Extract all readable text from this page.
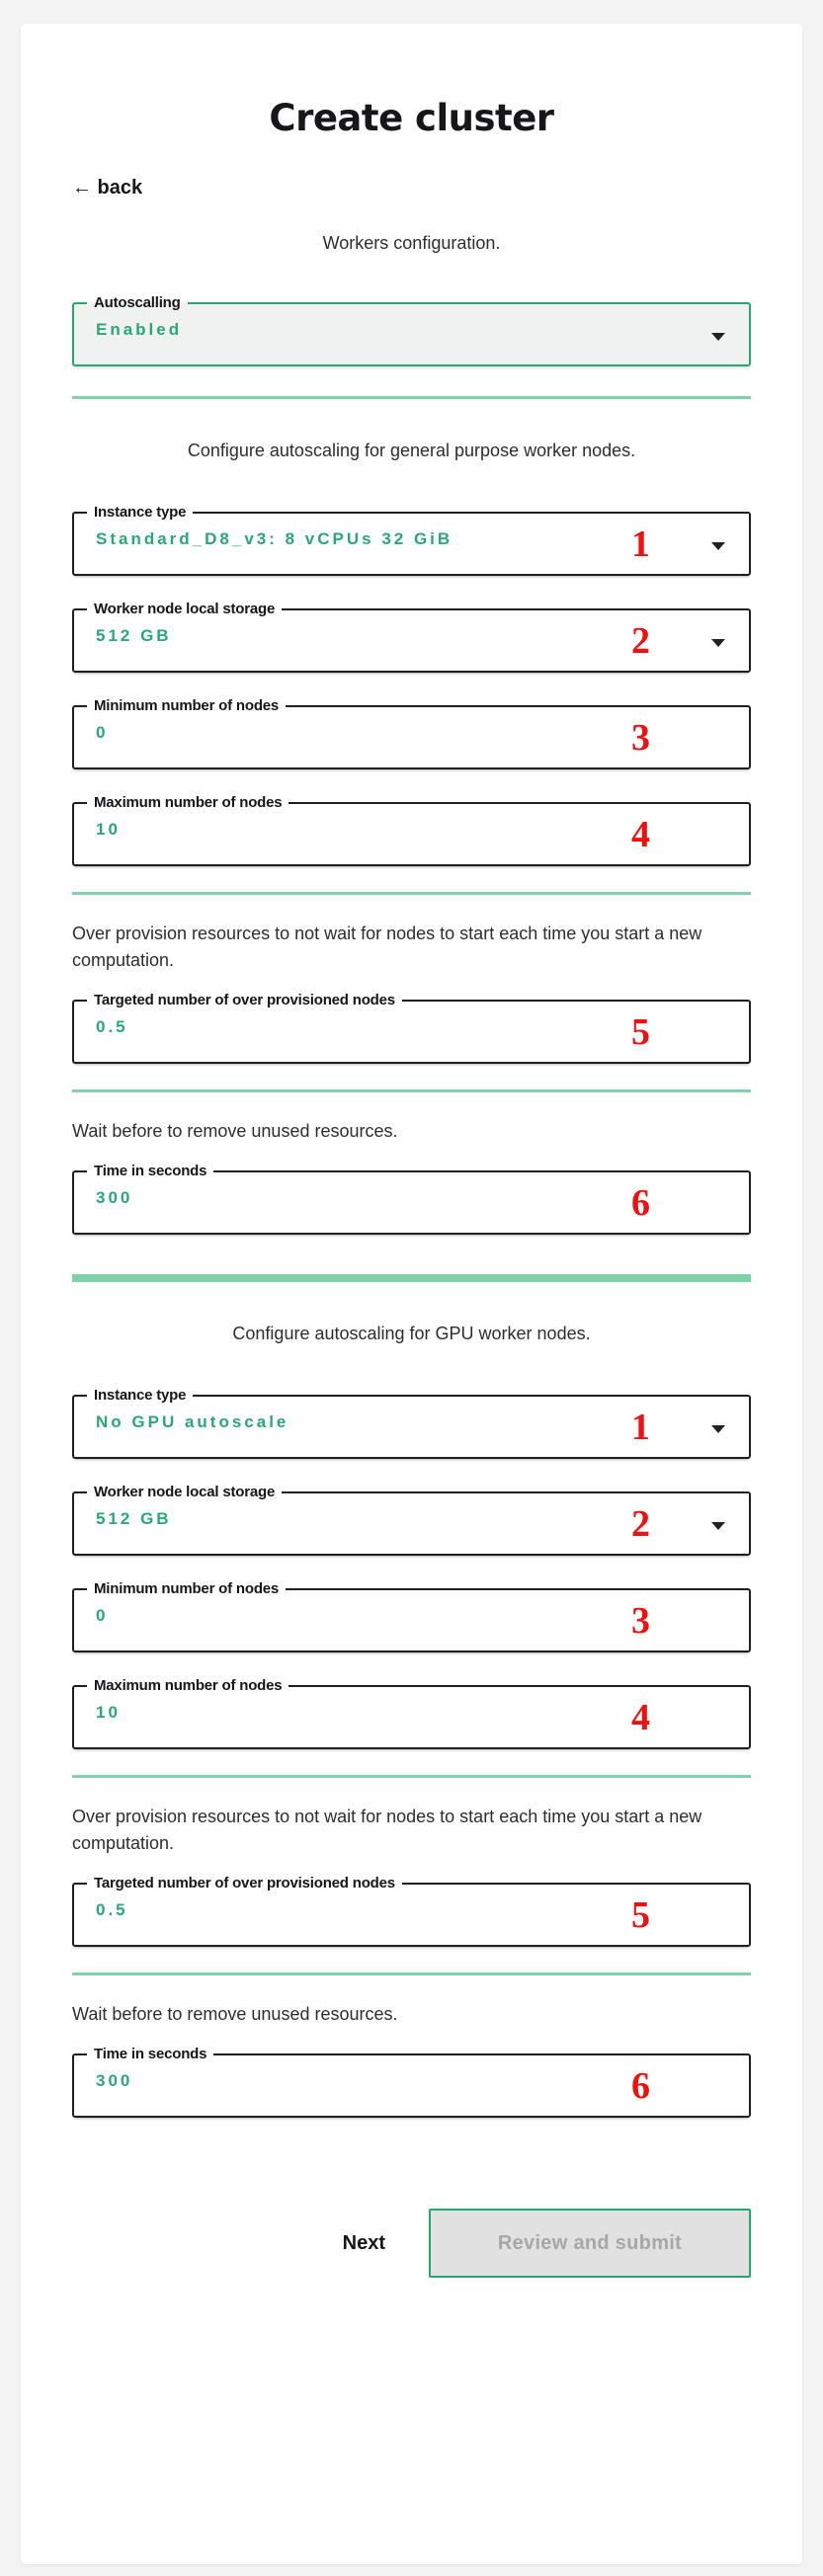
Create cluster
← back

Workers configuration.

Autoscalling
Enabled
Configure autoscaling for general purpose worker nodes.
Instance type
Standard_D8_v3: 8 vCPUs 32 GiB	1
Worker node local storage
512 GB	2
Minimum number of nodes
0
3
Maximum number of nodes
10
4

Over provision resources to not wait for nodes to start each time you start a new computation.

Targeted number of over provisioned nodes
0.5
5

Wait before to remove unused resources.

Time in seconds
300
6
Configure autoscaling for GPU worker nodes.
Instance type
No GPU autoscale	1
Worker node local storage
512 GB	2
Minimum number of nodes
0
3
Maximum number of nodes
10
4

Over provision resources to not wait for nodes to start each time you start a new computation.

Targeted number of over provisioned nodes
0.5
5

Wait before to remove unused resources.

Time in seconds
300
6
Next	Review and submit
